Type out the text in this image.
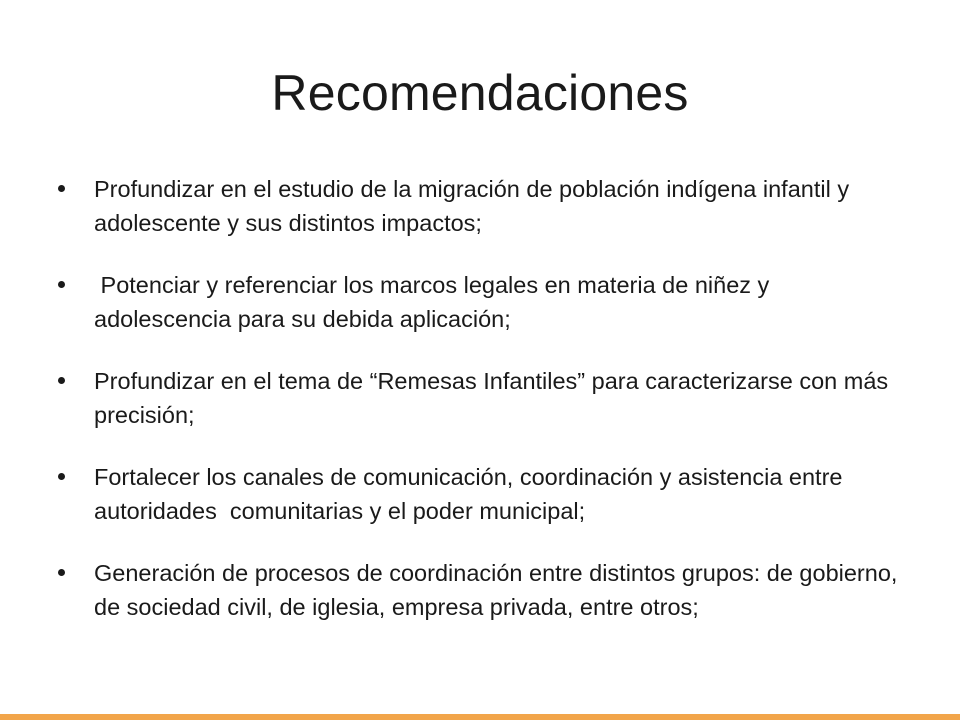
Recomendaciones
Profundizar en el estudio de la migración de población indígena infantil y adolescente y sus distintos impactos;
Potenciar y referenciar los marcos legales en materia de niñez y adolescencia para su debida aplicación;
Profundizar en el tema de “Remesas Infantiles” para caracterizarse con más precisión;
Fortalecer los canales de comunicación, coordinación y asistencia entre autoridades  comunitarias y el poder municipal;
Generación de procesos de coordinación entre distintos grupos: de gobierno, de sociedad civil, de iglesia, empresa privada, entre otros;
